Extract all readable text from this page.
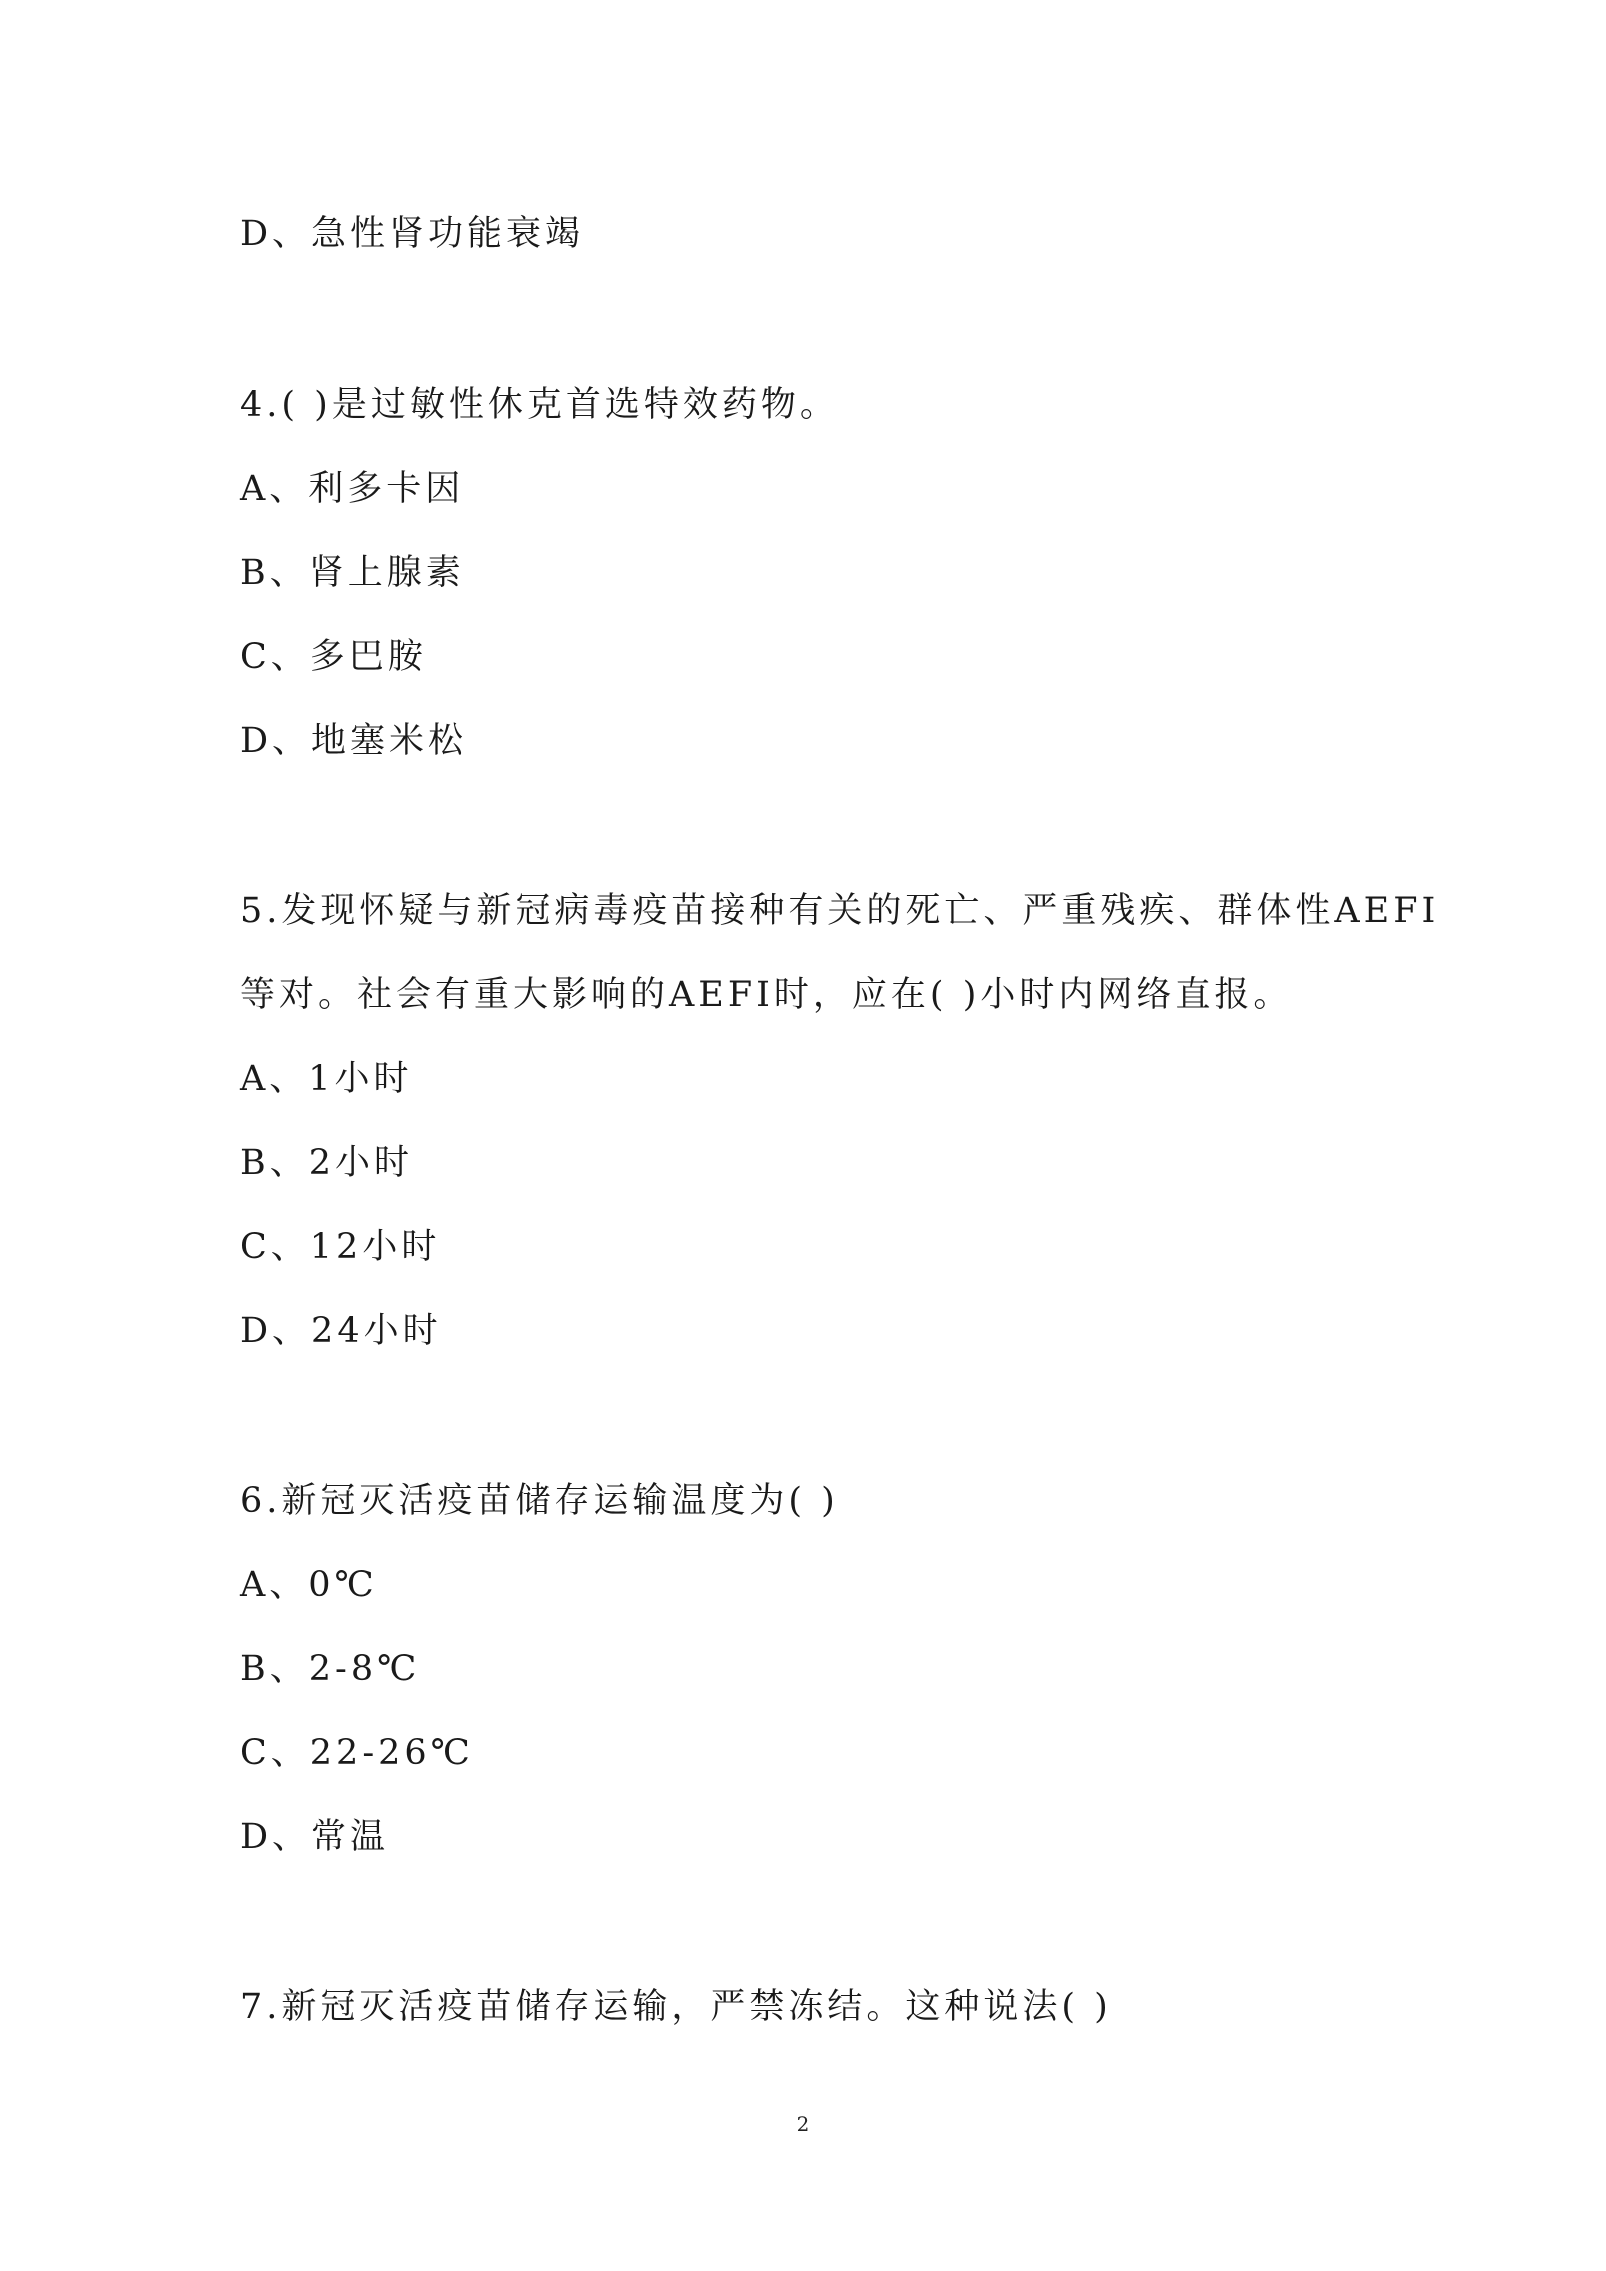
D、急性肾功能衰竭
4.( )是过敏性休克首选特效药物。
A、利多卡因
B、肾上腺素
C、多巴胺
D、地塞米松
5.发现怀疑与新冠病毒疫苗接种有关的死亡、严重残疾、群体性AEFI
等对。社会有重大影响的AEFI时，应在( )小时内网络直报。
A、1小时
B、2小时
C、12小时
D、24小时
6.新冠灭活疫苗储存运输温度为( )
A、0℃
B、2-8℃
C、22-26℃
D、常温
7.新冠灭活疫苗储存运输，严禁冻结。这种说法( )
2
